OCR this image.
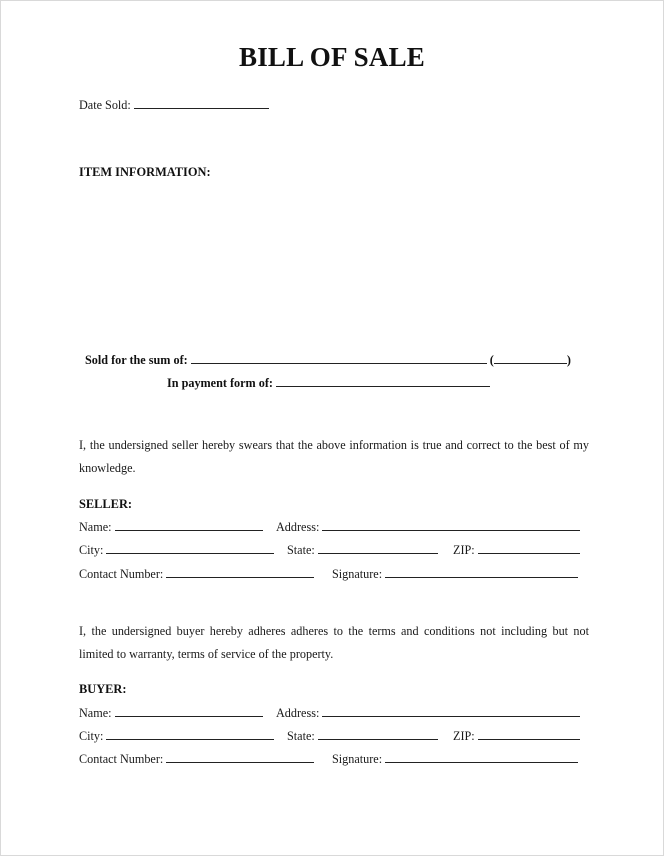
BILL OF SALE
Date Sold:
ITEM INFORMATION:
Sold for the sum of:	(	)
In payment form of:
I, the undersigned seller hereby swears that the above information is true and correct to the best of my knowledge.
SELLER:
Name:	Address:
City:	State:	ZIP:
Contact Number:	Signature:
I, the undersigned buyer hereby adheres adheres to the terms and conditions not including but not limited to warranty, terms of service of the property.
BUYER:
Name:	Address:
City:	State:	ZIP:
Contact Number:	Signature:
